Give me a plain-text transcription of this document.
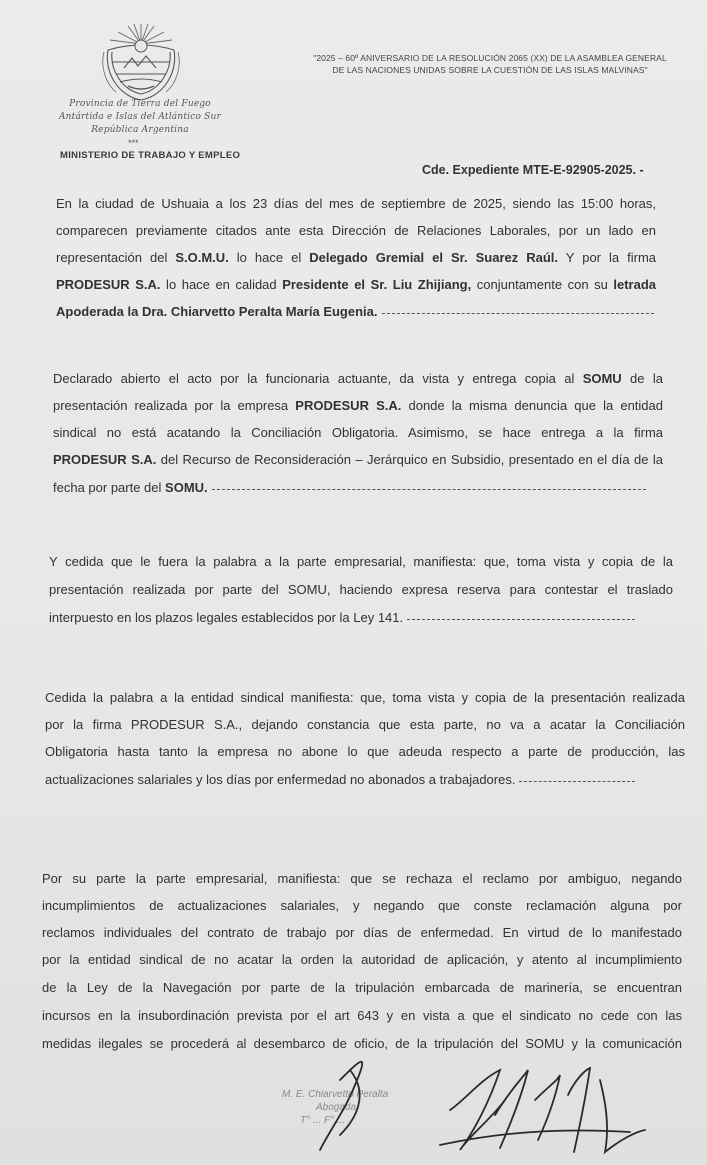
Provincia de Tierra del Fuego
Antártida e Islas del Atlántico Sur
República Argentina
***
MINISTERIO DE TRABAJO Y EMPLEO
"2025 – 60º ANIVERSARIO DE LA RESOLUCIÓN 2065 (XX) DE LA ASAMBLEA GENERAL
DE LAS NACIONES UNIDAS SOBRE LA CUESTIÓN DE LAS ISLAS MALVINAS"
Cde. Expediente MTE-E-92905-2025. -
En la ciudad de Ushuaia a los 23 días del mes de septiembre de 2025, siendo las 15:00 horas,
comparecen previamente citados ante esta Dirección de Relaciones Laborales, por un lado en
representación del S.O.M.U. lo hace el Delegado Gremial el Sr. Suarez Raúl. Y por la firma
PRODESUR S.A. lo hace en calidad Presidente el Sr. Liu Zhijiang, conjuntamente con su letrada
Apoderada la Dra. Chiarvetto Peralta María Eugenia.
Declarado abierto el acto por la funcionaria actuante, da vista y entrega copia al SOMU de la
presentación realizada por la empresa PRODESUR S.A. donde la misma denuncia que la entidad
sindical no está acatando la Conciliación Obligatoria. Asimismo, se hace entrega a la firma
PRODESUR S.A. del Recurso de Reconsideración – Jerárquico en Subsidio, presentado en el día de la
fecha por parte del SOMU.
Y cedida que le fuera la palabra a la parte empresarial, manifiesta: que, toma vista y copia de la
presentación realizada por parte del SOMU, haciendo expresa reserva para contestar el traslado
interpuesto en los plazos legales establecidos por la Ley 141.
Cedida la palabra a la entidad sindical manifiesta: que, toma vista y copia de la presentación realizada
por la firma PRODESUR S.A., dejando constancia que esta parte, no va a acatar la Conciliación
Obligatoria hasta tanto la empresa no abone lo que adeuda respecto a parte de producción, las
actualizaciones salariales y los días por enfermedad no abonados a trabajadores.
Por su parte la parte empresarial, manifiesta: que se rechaza el reclamo por ambiguo, negando
incumplimientos de actualizaciones salariales, y negando que conste reclamación alguna por
reclamos individuales del contrato de trabajo por días de enfermedad. En virtud de lo manifestado
por la entidad sindical de no acatar la orden la autoridad de aplicación, y atento al incumplimiento
de la Ley de la Navegación por parte de la tripulación embarcada de marinería, se encuentran
incursos en la insubordinación prevista por el art 643 y en vista a que el sindicato no cede con las
medidas ilegales se procederá al desembarco de oficio, de la tripulación del SOMU y la comunicación
M. E. Chiarvetto Peralta
Abogada
T° ... F° ...
